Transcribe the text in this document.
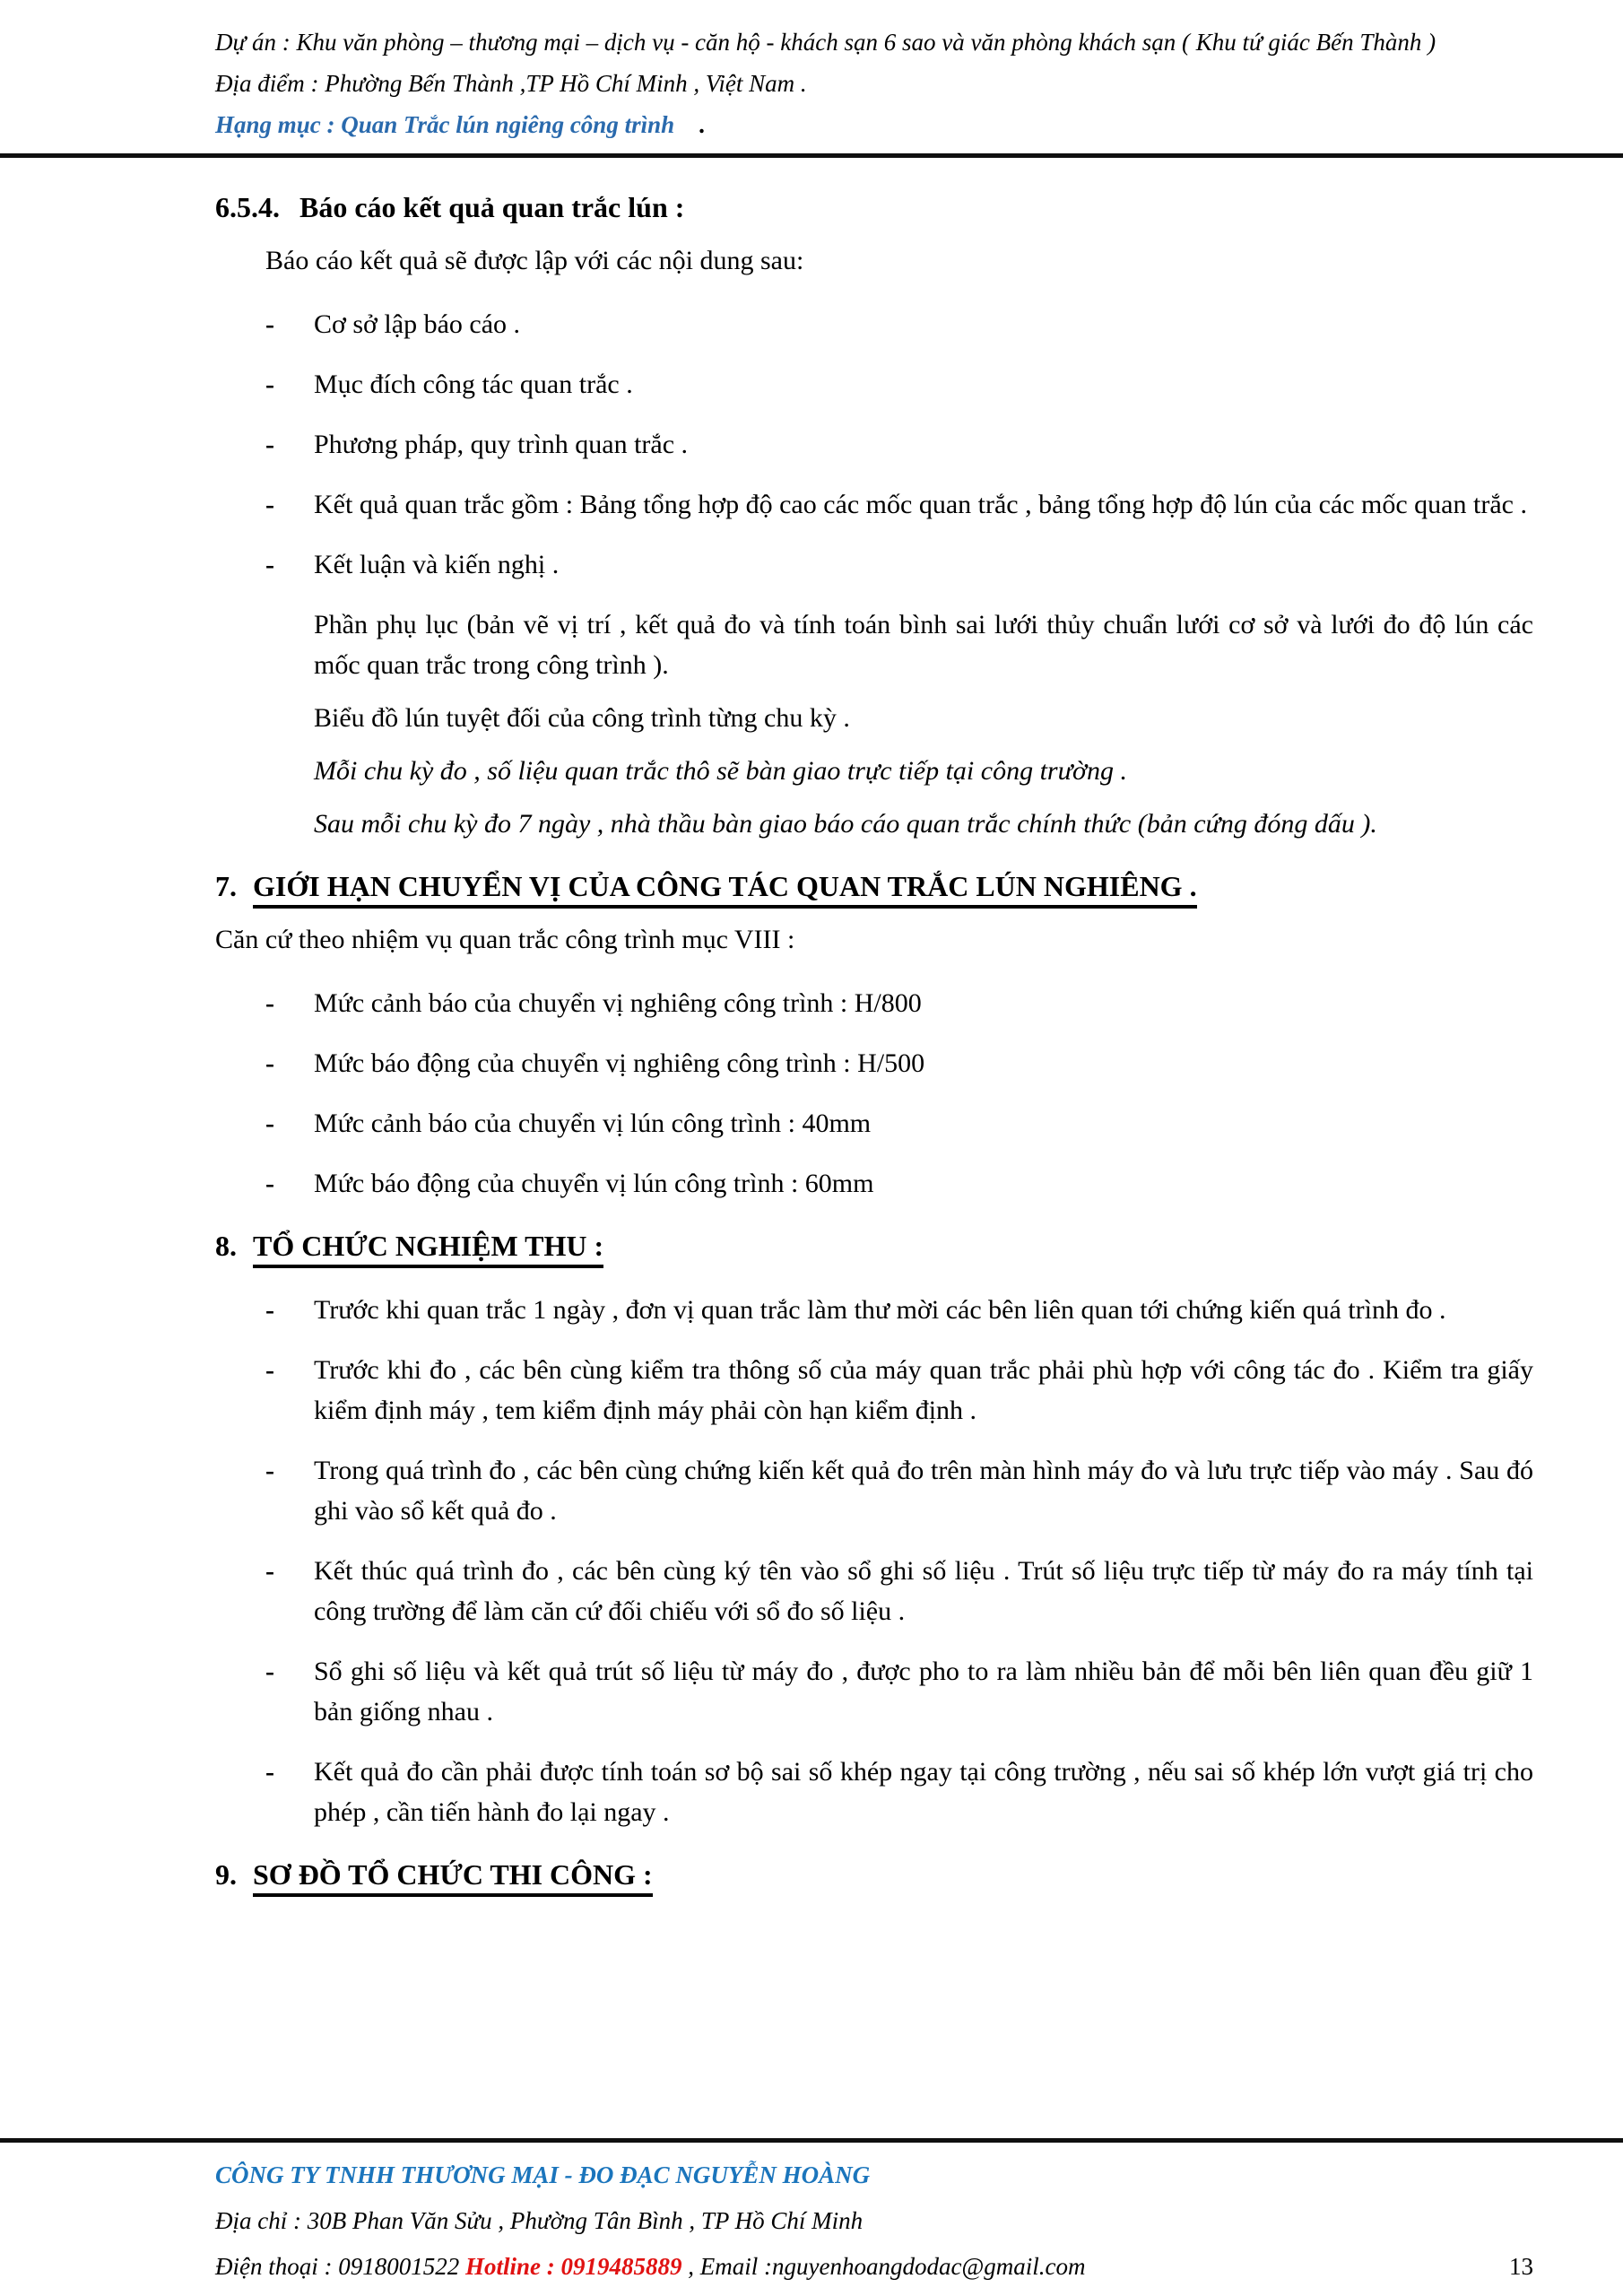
Dự án : Khu văn phòng – thương mại – dịch vụ - căn hộ - khách sạn 6 sao và văn phòng khách sạn ( Khu tứ giác Bến Thành )
Địa điểm : Phường Bến Thành ,TP Hồ Chí Minh , Việt Nam .
Hạng mục : Quan Trắc lún ngiêng công trình .
6.5.4. Báo cáo kết quả quan trắc lún :
Báo cáo kết quả sẽ được lập với các nội dung sau:
-	Cơ sở lập báo cáo .
-	Mục đích công tác quan trắc .
-	Phương pháp, quy trình quan trắc .
-	Kết quả quan trắc gồm : Bảng tổng hợp độ cao các mốc quan trắc , bảng tổng hợp độ lún của các mốc quan trắc .
-	Kết luận và kiến nghị .
Phần phụ lục (bản vẽ vị trí , kết quả đo và tính toán bình sai lưới thủy chuẩn lưới cơ sở và lưới đo độ lún các mốc quan trắc trong công trình ).
Biểu đồ lún tuyệt đối của công trình từng chu kỳ .
Mỗi chu kỳ đo , số liệu quan trắc thô sẽ bàn giao trực tiếp tại công trường .
Sau mỗi chu kỳ đo 7 ngày , nhà thầu bàn giao báo cáo quan trắc chính thức (bản cứng đóng dấu ).
7. GIỚI HẠN CHUYỂN VỊ CỦA CÔNG TÁC QUAN TRẮC LÚN NGHIÊNG .
Căn cứ theo nhiệm vụ quan trắc công trình mục VIII :
-	Mức cảnh báo của chuyển vị nghiêng công trình : H/800
-	Mức báo động của chuyển vị nghiêng công trình : H/500
-	Mức cảnh báo của chuyển vị lún công trình : 40mm
-	Mức báo động của chuyển vị lún công trình : 60mm
8. TỔ CHỨC NGHIỆM THU :
-	Trước khi quan trắc 1 ngày , đơn vị quan trắc làm thư mời các bên liên quan tới chứng kiến quá trình đo .
-	Trước khi đo , các bên cùng kiểm tra thông số của máy quan trắc phải phù hợp với công tác đo . Kiểm tra giấy kiểm định máy , tem kiểm định máy phải còn hạn kiểm định .
-	Trong quá trình đo , các bên cùng chứng kiến kết quả đo trên màn hình máy đo và lưu trực tiếp vào máy . Sau đó ghi vào sổ kết quả đo .
-	Kết thúc quá trình đo , các bên cùng ký tên vào sổ ghi số liệu . Trút số liệu trực tiếp từ máy đo ra máy tính tại công trường để làm căn cứ đối chiếu với sổ đo số liệu .
-	Sổ ghi số liệu và kết quả trút số liệu từ máy đo , được pho to ra làm nhiều bản để mỗi bên liên quan đều giữ 1 bản giống nhau .
-	Kết quả đo cần phải được tính toán sơ bộ sai số khép ngay tại công trường , nếu sai số khép lớn vượt giá trị cho phép , cần tiến hành đo lại ngay .
9. SƠ ĐỒ TỔ CHỨC THI CÔNG :
CÔNG TY TNHH THƯƠNG MẠI - ĐO ĐẠC NGUYỄN HOÀNG
Địa chỉ : 30B Phan Văn Sửu , Phường Tân Bình , TP Hồ Chí Minh
Điện thoại : 0918001522 Hotline : 0919485889 , Email :nguyenhoangdodac@gmail.com	13
